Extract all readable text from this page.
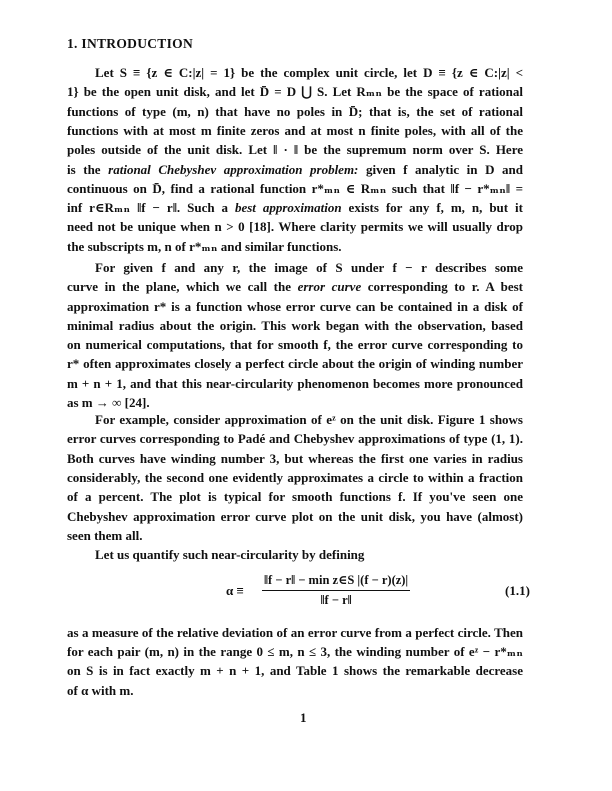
1. INTRODUCTION
Let S ≡ {z ∈ C:|z| = 1} be the complex unit circle, let D ≡ {z ∈ C:|z| <
1} be the open unit disk, and let D̄ = D ⋃ S. Let Rₘₙ be the space of rational
functions of type (m, n) that have no poles in D̄; that is, the set of rational
functions with at most m finite zeros and at most n finite poles, with all of the
poles outside of the unit disk. Let ‖ · ‖ be the supremum norm over S. Here
is the rational Chebyshev approximation problem: given f analytic in D and
continuous on D̄, find a rational function r*ₘₙ ∈ Rₘₙ such that ‖f − r*ₘₙ‖ =
inf r∈Rₘₙ ‖f − r‖. Such a best approximation exists for any f, m, n, but it
need not be unique when n > 0 [18]. Where clarity permits we will usually drop
the subscripts m, n of r*ₘₙ and similar functions.
For given f and any r, the image of S under f − r describes some
curve in the plane, which we call the error curve corresponding to r. A best
approximation r* is a function whose error curve can be contained in a disk of
minimal radius about the origin. This work began with the observation, based
on numerical computations, that for smooth f, the error curve corresponding to
r* often approximates closely a perfect circle about the origin of winding number
m + n + 1, and that this near-circularity phenomenon becomes more pronounced
as m → ∞ [24].
For example, consider approximation of eᶻ on the unit disk. Figure 1 shows
error curves corresponding to Padé and Chebyshev approximations of type (1, 1).
Both curves have winding number 3, but whereas the first one varies in radius
considerably, the second one evidently approximates a circle to within a fraction
of a percent. The plot is typical for smooth functions f. If you've seen one
Chebyshev approximation error curve plot on the unit disk, you have (almost)
seen them all.
Let us quantify such near-circularity by defining
as a measure of the relative deviation of an error curve from a perfect circle. Then
for each pair (m, n) in the range 0 ≤ m, n ≤ 3, the winding number of eᶻ − r*ₘₙ
on S is in fact exactly m + n + 1, and Table 1 shows the remarkable decrease
of α with m.
α ≡
‖f − r‖ − min z∈S |(f − r)(z)|
‖f − r‖
(1.1)
1
